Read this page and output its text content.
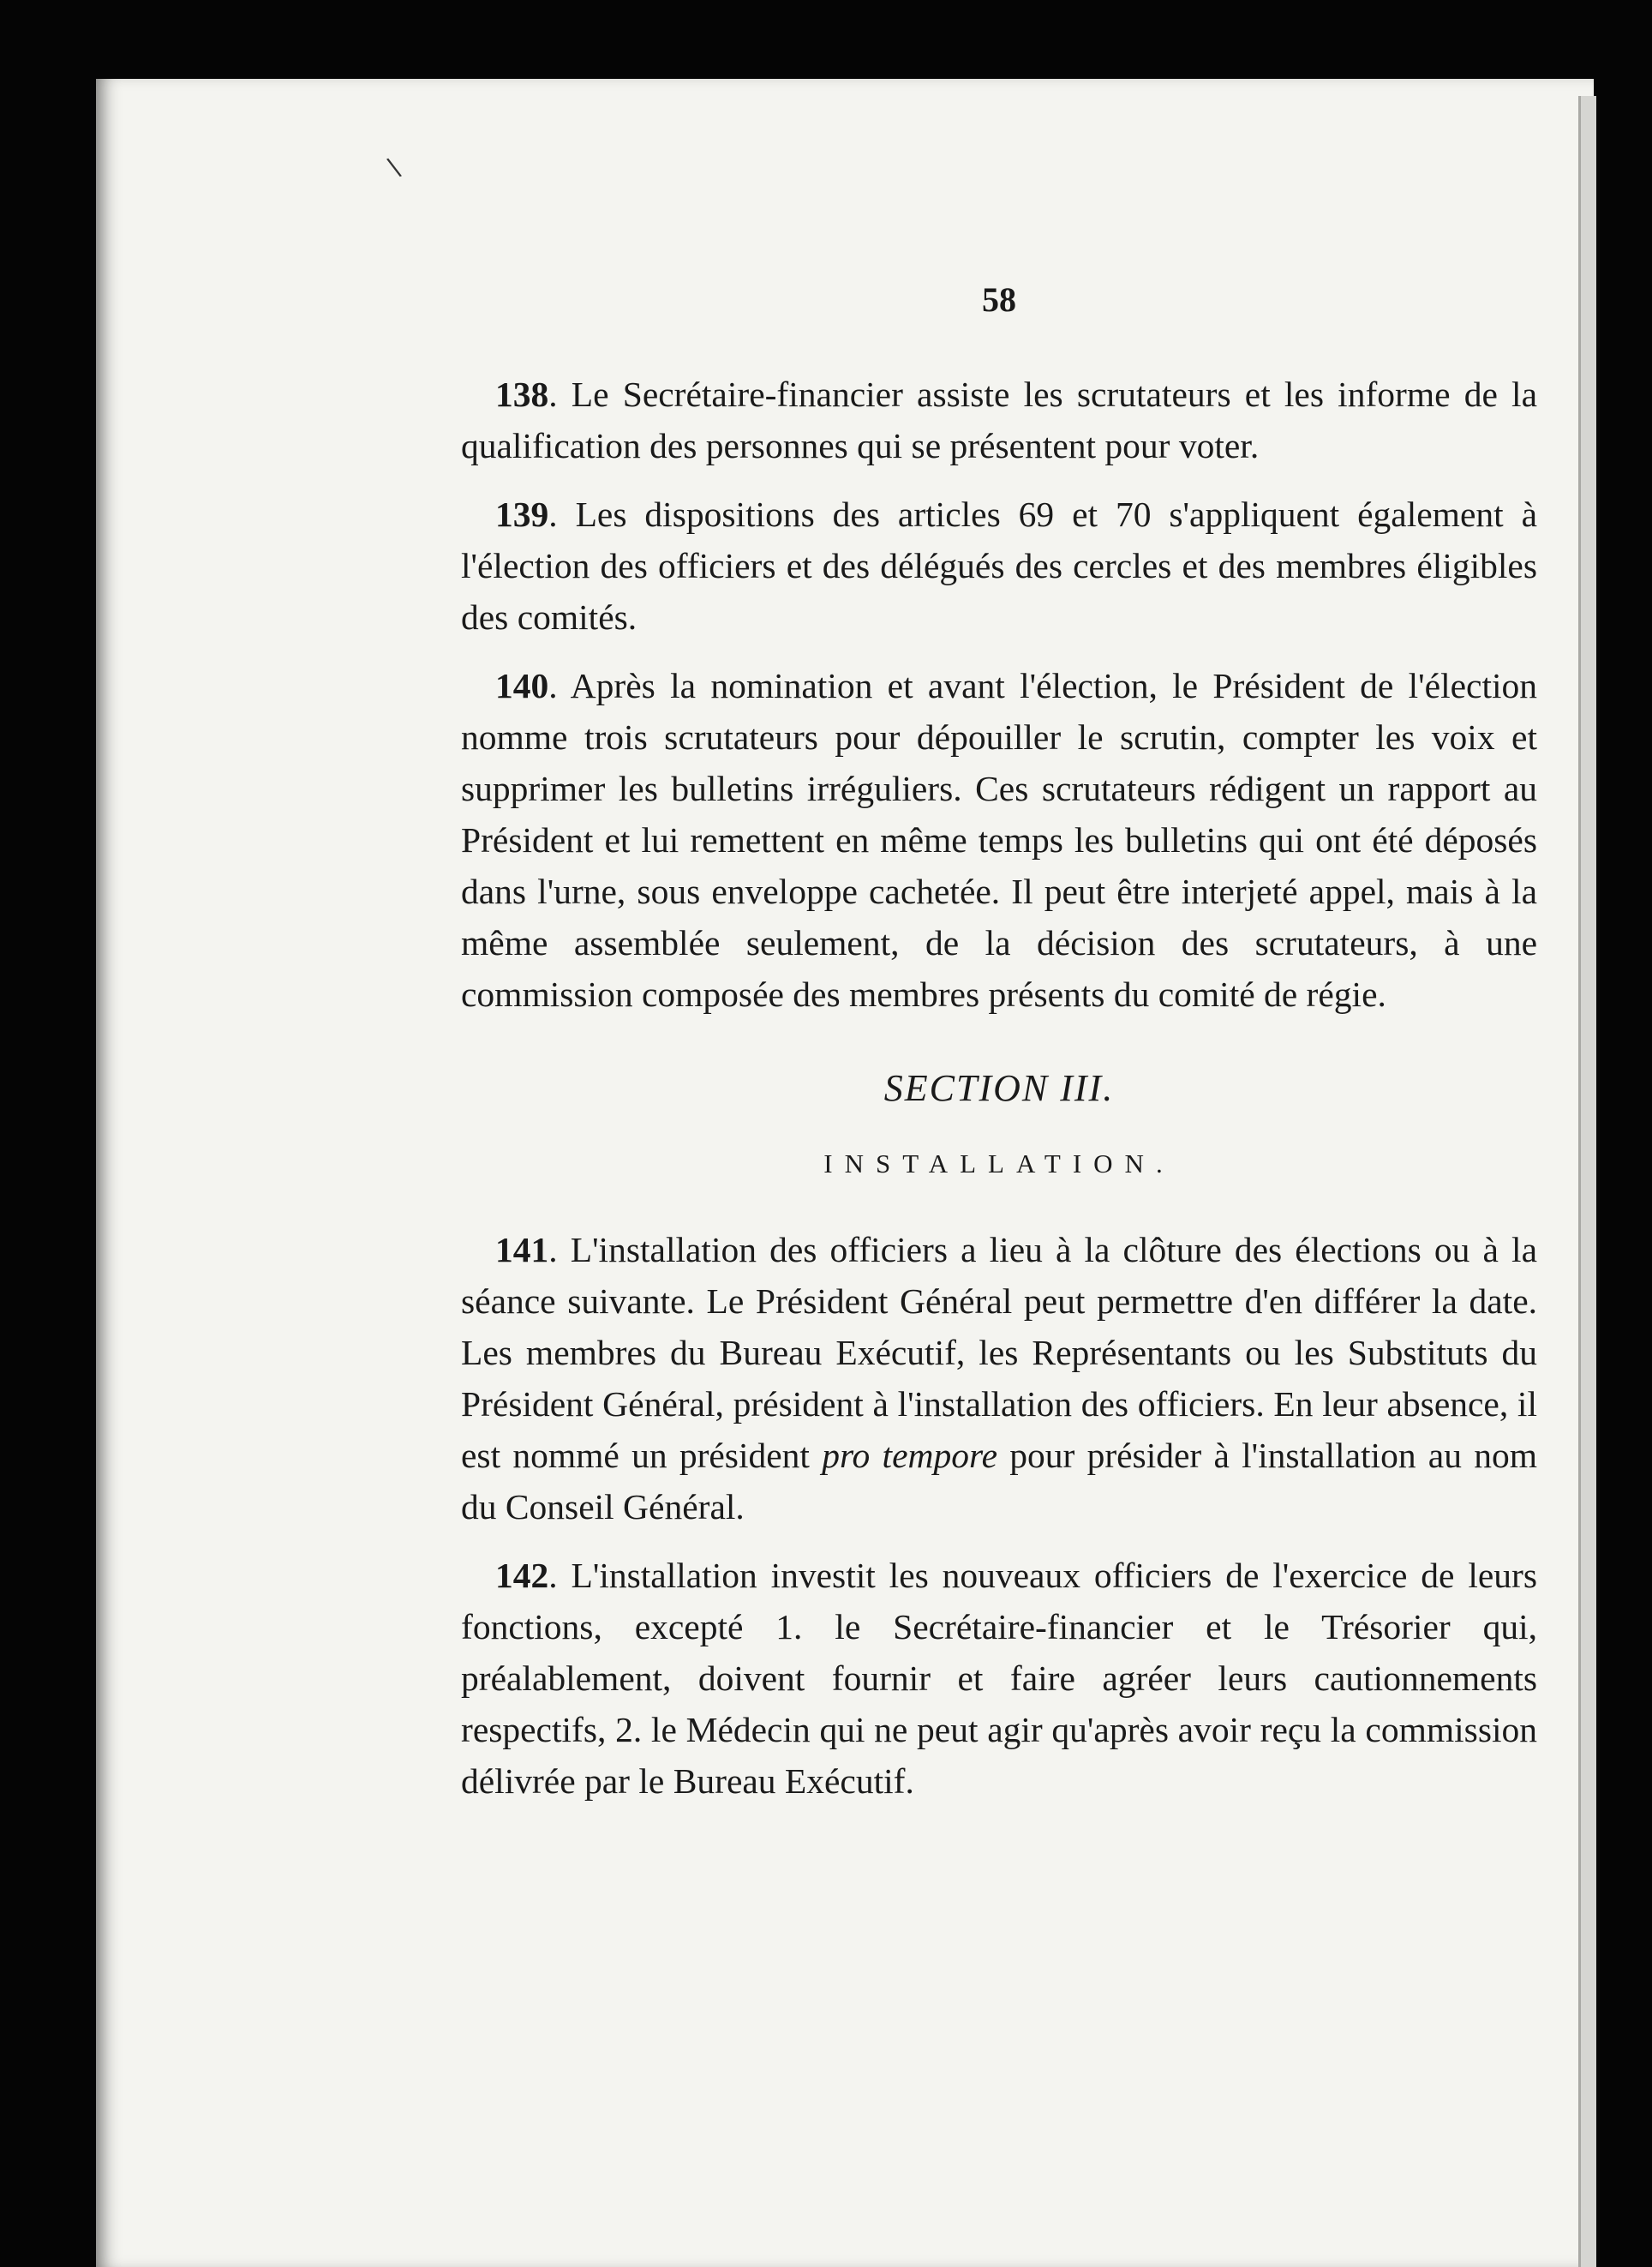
\
58

138. Le Secrétaire-financier assiste les scrutateurs et les informe de la qualification des personnes qui se présentent pour voter.

139. Les dispositions des articles 69 et 70 s'appliquent également à l'élection des officiers et des délégués des cercles et des membres éligibles des comités.

140. Après la nomination et avant l'élection, le Président de l'élection nomme trois scrutateurs pour dépouiller le scrutin, compter les voix et supprimer les bulletins irréguliers. Ces scrutateurs rédigent un rapport au Président et lui remettent en même temps les bulletins qui ont été déposés dans l'urne, sous enveloppe cachetée. Il peut être interjeté appel, mais à la même assemblée seulement, de la décision des scrutateurs, à une commission composée des membres présents du comité de régie.

SECTION III.
INSTALLATION.

141. L'installation des officiers a lieu à la clôture des élections ou à la séance suivante. Le Président Général peut permettre d'en différer la date. Les membres du Bureau Exécutif, les Représentants ou les Substituts du Président Général, président à l'installation des officiers. En leur absence, il est nommé un président pro tempore pour présider à l'installation au nom du Conseil Général.

142. L'installation investit les nouveaux officiers de l'exercice de leurs fonctions, excepté 1. le Secrétaire-financier et le Trésorier qui, préalablement, doivent fournir et faire agréer leurs cautionnements respectifs, 2. le Médecin qui ne peut agir qu'après avoir reçu la commission délivrée par le Bureau Exécutif.
